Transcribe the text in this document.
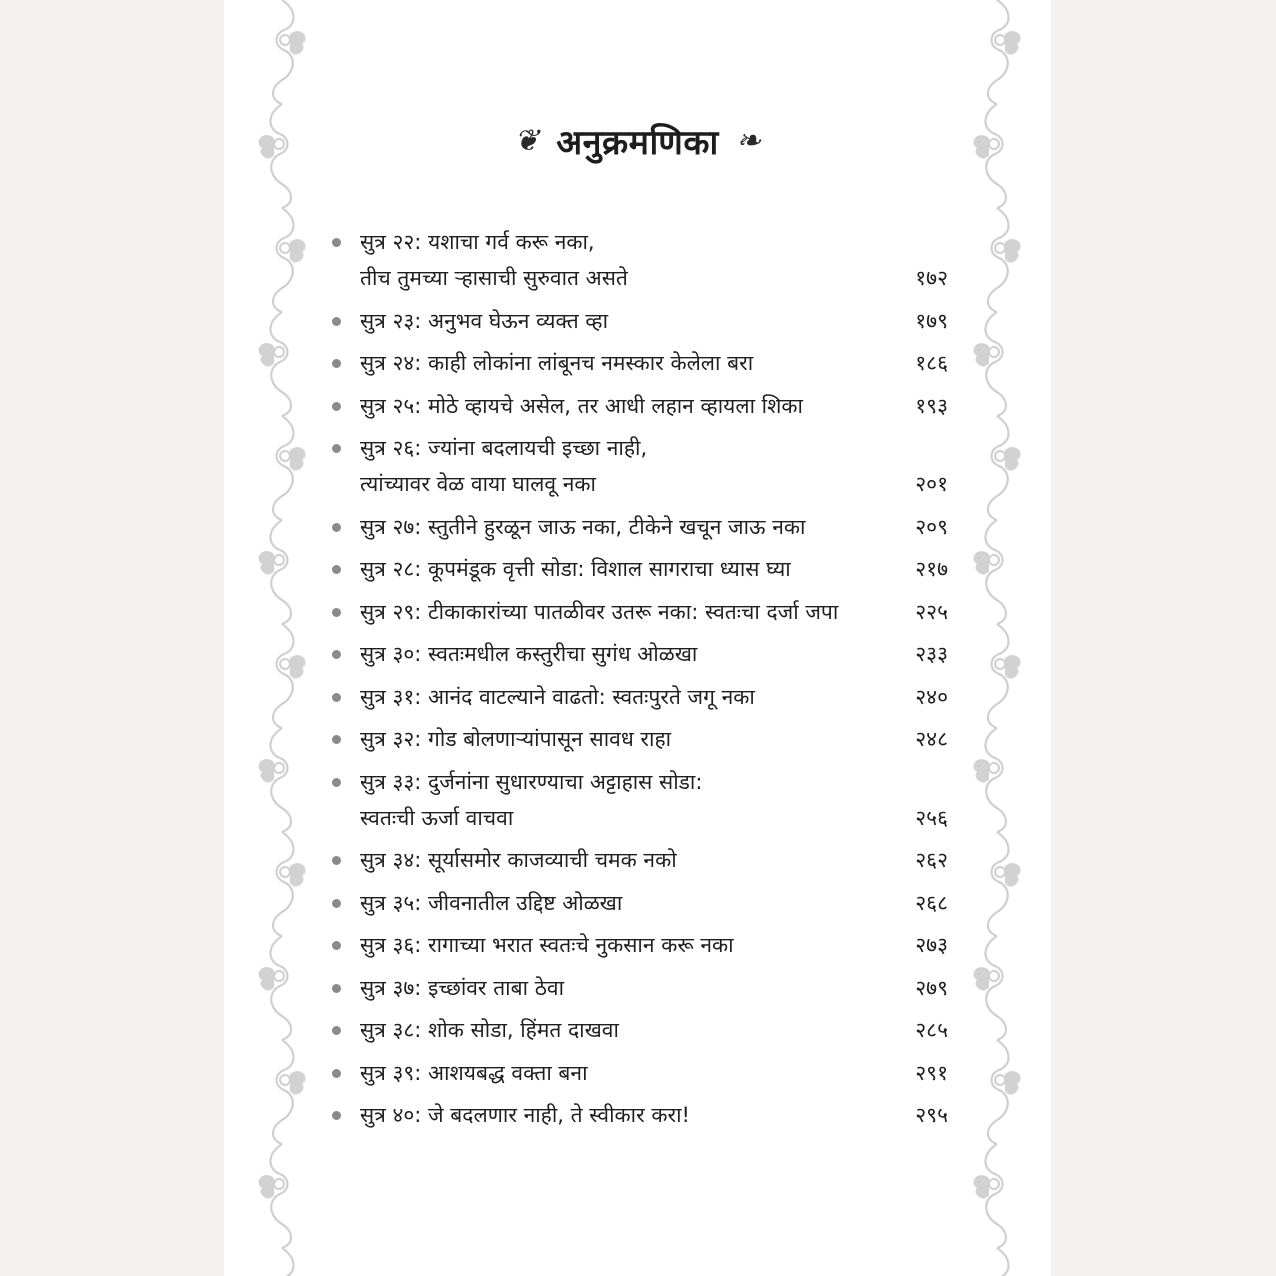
❦ अनुक्रमणिका ❧
सुत्र २२: यशाचा गर्व करू नका,
तीच तुमच्या ऱ्हासाची सुरुवात असते	१७२
सुत्र २३: अनुभव घेऊन व्यक्त व्हा	१७९
सुत्र २४: काही लोकांना लांबूनच नमस्कार केलेला बरा	१८६
सुत्र २५: मोठे व्हायचे असेल, तर आधी लहान व्हायला शिका	१९३
सुत्र २६: ज्यांना बदलायची इच्छा नाही,
त्यांच्यावर वेळ वाया घालवू नका	२०१
सुत्र २७: स्तुतीने हुरळून जाऊ नका, टीकेने खचून जाऊ नका	२०९
सुत्र २८: कूपमंडूक वृत्ती सोडा: विशाल सागराचा ध्यास घ्या	२१७
सुत्र २९: टीकाकारांच्या पातळीवर उतरू नका: स्वतःचा दर्जा जपा	२२५
सुत्र ३०: स्वतःमधील कस्तुरीचा सुगंध ओळखा	२३३
सुत्र ३१: आनंद वाटल्याने वाढतो: स्वतःपुरते जगू नका	२४०
सुत्र ३२: गोड बोलणाऱ्यांपासून सावध राहा	२४८
सुत्र ३३: दुर्जनांना सुधारण्याचा अट्टाहास सोडा:
स्वतःची ऊर्जा वाचवा	२५६
सुत्र ३४: सूर्यासमोर काजव्याची चमक नको	२६२
सुत्र ३५: जीवनातील उद्दिष्ट ओळखा	२६८
सुत्र ३६: रागाच्या भरात स्वतःचे नुकसान करू नका	२७३
सुत्र ३७: इच्छांवर ताबा ठेवा	२७९
सुत्र ३८: शोक सोडा, हिंमत दाखवा	२८५
सुत्र ३९: आशयबद्ध वक्ता बना	२९१
सुत्र ४०: जे बदलणार नाही, ते स्वीकार करा!	२९५
